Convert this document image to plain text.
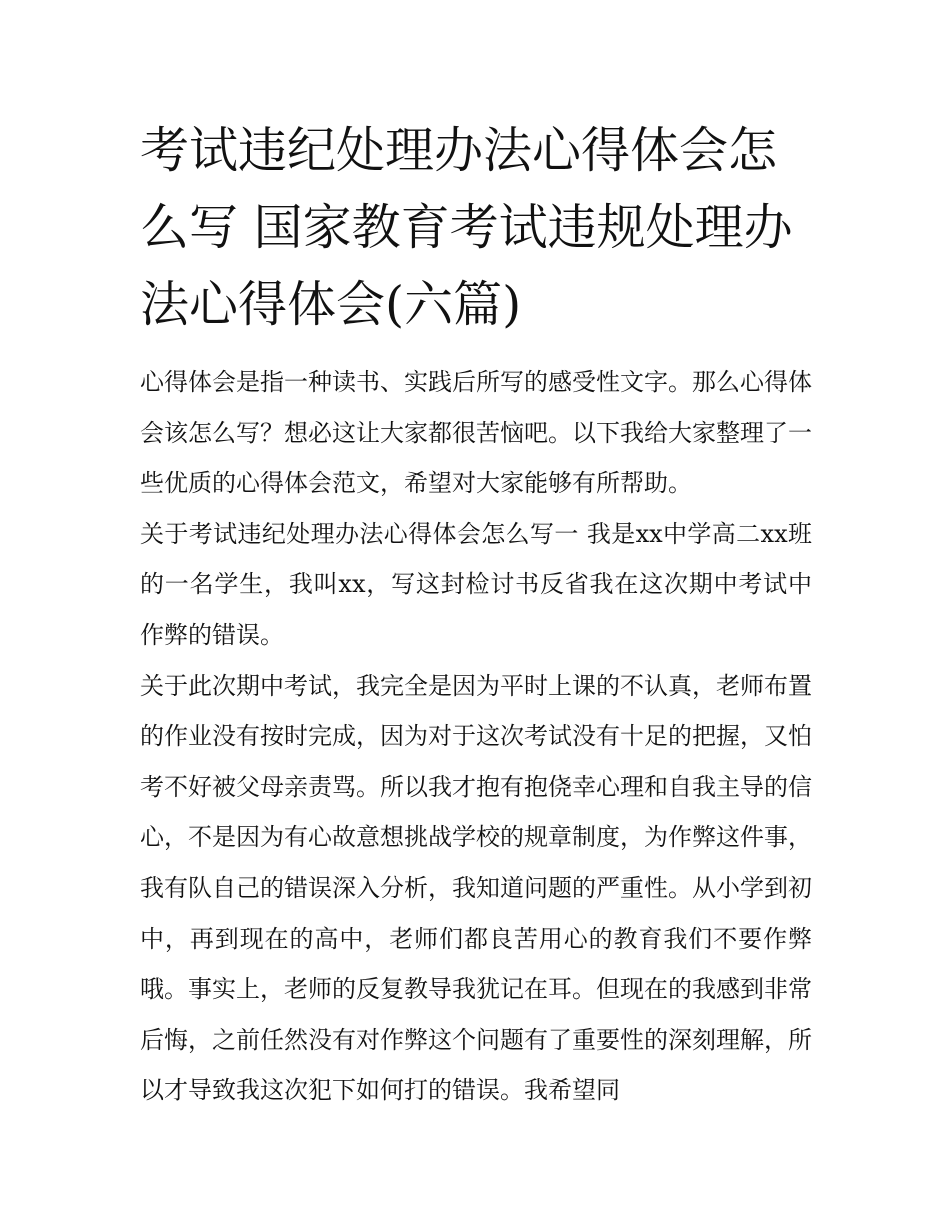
考试违纪处理办法心得体会怎么写 国家教育考试违规处理办法心得体会(六篇)

心得体会是指一种读书、实践后所写的感受性文字。那么心得体会该怎么写？想必这让大家都很苦恼吧。以下我给大家整理了一些优质的心得体会范文，希望对大家能够有所帮助。

关于考试违纪处理办法心得体会怎么写一 我是xx中学高二xx班的一名学生，我叫xx，写这封检讨书反省我在这次期中考试中作弊的错误。

关于此次期中考试，我完全是因为平时上课的不认真，老师布置的作业没有按时完成，因为对于这次考试没有十足的把握，又怕考不好被父母亲责骂。所以我才抱有抱侥幸心理和自我主导的信心，不是因为有心故意想挑战学校的规章制度，为作弊这件事，我有队自己的错误深入分析，我知道问题的严重性。从小学到初中，再到现在的高中，老师们都良苦用心的教育我们不要作弊哦。事实上，老师的反复教导我犹记在耳。但现在的我感到非常后悔，之前任然没有对作弊这个问题有了重要性的深刻理解，所以才导致我这次犯下如何打的错误。我希望同
